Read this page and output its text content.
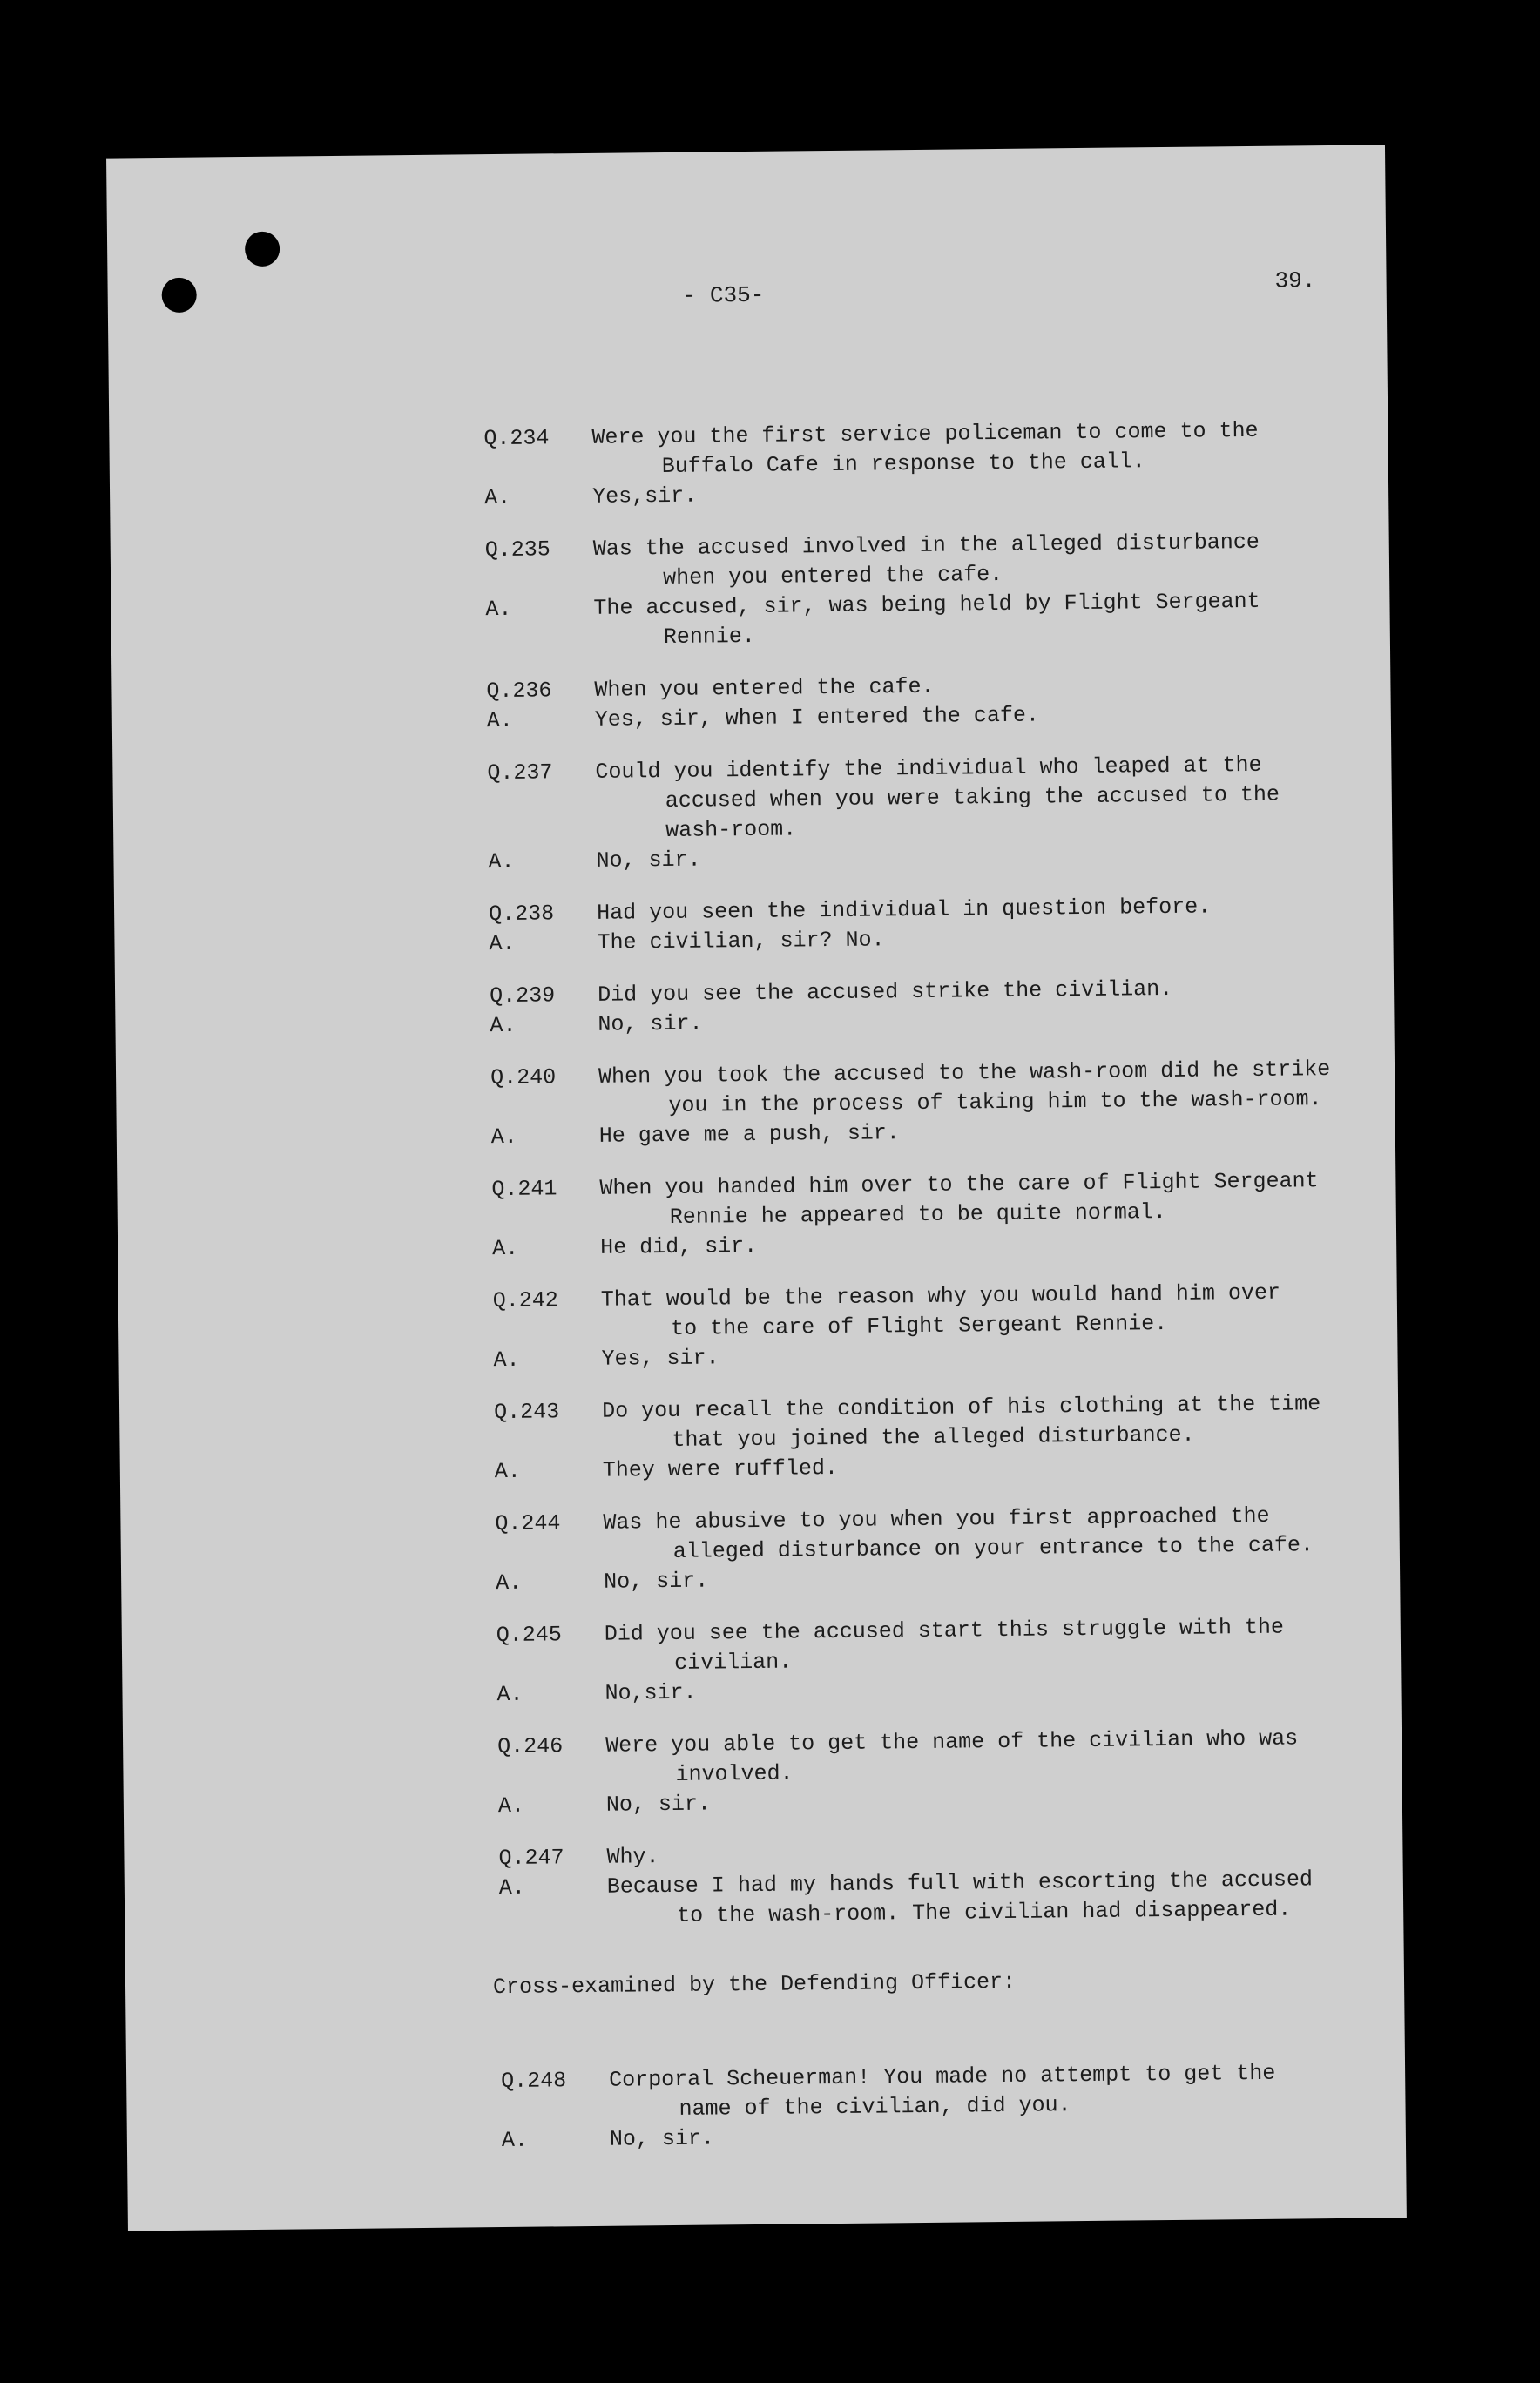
- C35-
39.
Q.234	Were you the first service policeman to come to the
Buffalo Cafe in response to the call.
A.	Yes,sir.
Q.235	Was the accused involved in the alleged disturbance
when you entered the cafe.
A.	The accused, sir, was being held by Flight Sergeant
Rennie.
Q.236	When you entered the cafe.
A.	Yes, sir, when I entered the cafe.
Q.237	Could you identify the individual who leaped at the
accused when you were taking the accused to the
wash-room.
A.	No, sir.
Q.238	Had you seen the individual in question before.
A.	The civilian, sir? No.
Q.239	Did you see the accused strike the civilian.
A.	No, sir.
Q.240	When you took the accused to the wash-room did he strike
you in the process of taking him to the wash-room.
A.	He gave me a push, sir.
Q.241	When you handed him over to the care of Flight Sergeant
Rennie he appeared to be quite normal.
A.	He did, sir.
Q.242	That would be the reason why you would hand him over
to the care of Flight Sergeant Rennie.
A.	Yes, sir.
Q.243	Do you recall the condition of his clothing at the time
that you joined the alleged disturbance.
A.	They were ruffled.
Q.244	Was he abusive to you when you first approached the
alleged disturbance on your entrance to the cafe.
A.	No, sir.
Q.245	Did you see the accused start this struggle with the
civilian.
A.	No,sir.
Q.246	Were you able to get the name of the civilian who was
involved.
A.	No, sir.
Q.247	Why.
A.	Because I had my hands full with escorting the accused
to the wash-room. The civilian had disappeared.
Cross-examined by the Defending Officer:
Q.248	Corporal Scheuerman! You made no attempt to get the
name of the civilian, did you.
A.	No, sir.
